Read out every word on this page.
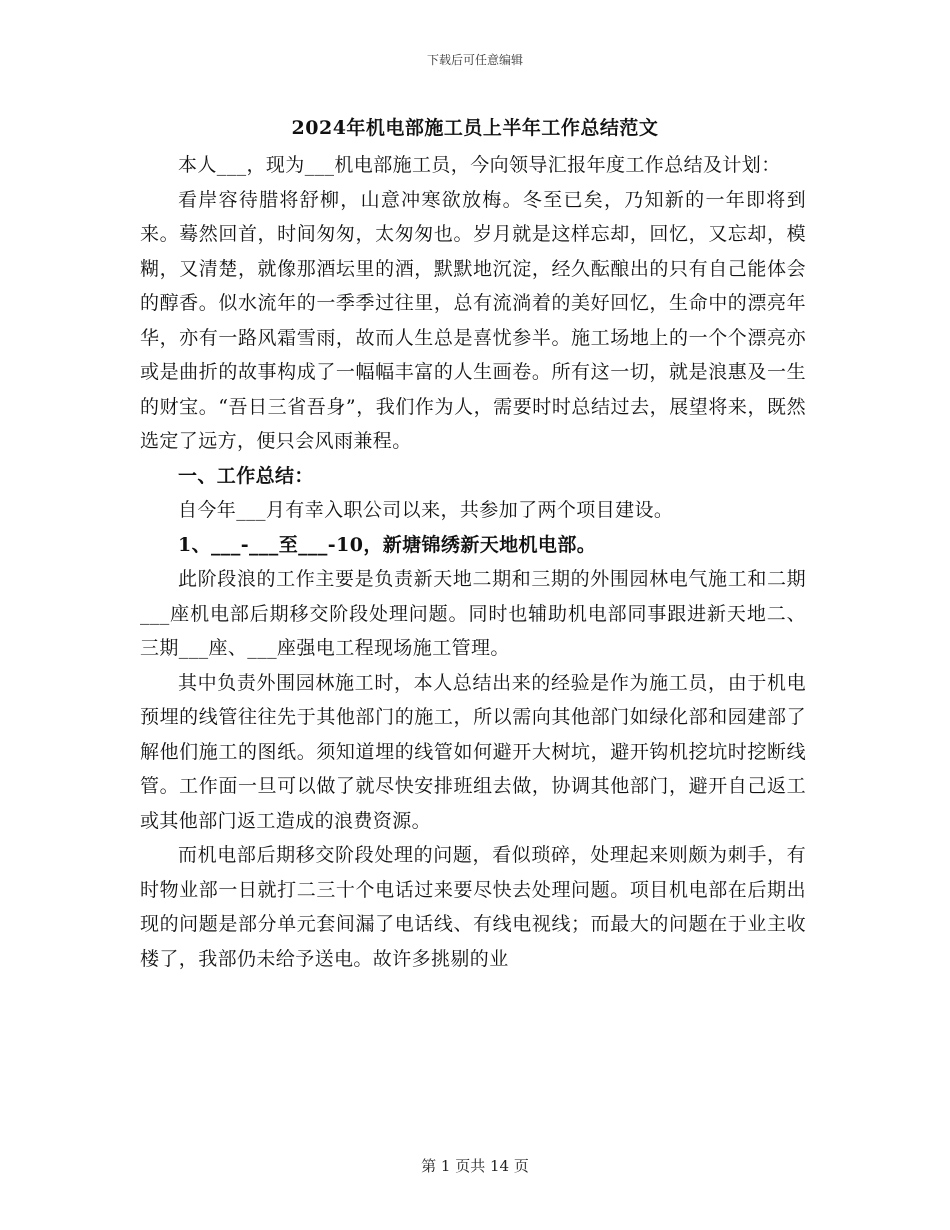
下载后可任意编辑
2024年机电部施工员上半年工作总结范文

本人___，现为___机电部施工员，今向领导汇报年度工作总结及计划：

看岸容待腊将舒柳，山意冲寒欲放梅。冬至已矣，乃知新的一年即将到来。蓦然回首，时间匆匆，太匆匆也。岁月就是这样忘却，回忆，又忘却，模糊，又清楚，就像那酒坛里的酒，默默地沉淀，经久酝酿出的只有自己能体会的醇香。似水流年的一季季过往里，总有流淌着的美好回忆，生命中的漂亮年华，亦有一路风霜雪雨，故而人生总是喜忧参半。施工场地上的一个个漂亮亦或是曲折的故事构成了一幅幅丰富的人生画卷。所有这一切，就是浪惠及一生的财宝。“吾日三省吾身”，我们作为人，需要时时总结过去，展望将来，既然选定了远方，便只会风雨兼程。

一、工作总结：

自今年___月有幸入职公司以来，共参加了两个项目建设。

1、___-___至___-10，新塘锦绣新天地机电部。

此阶段浪的工作主要是负责新天地二期和三期的外围园林电气施工和二期___座机电部后期移交阶段处理问题。同时也辅助机电部同事跟进新天地二、三期___座、___座强电工程现场施工管理。

其中负责外围园林施工时，本人总结出来的经验是作为施工员，由于机电预埋的线管往往先于其他部门的施工，所以需向其他部门如绿化部和园建部了解他们施工的图纸。须知道埋的线管如何避开大树坑，避开钩机挖坑时挖断线管。工作面一旦可以做了就尽快安排班组去做，协调其他部门，避开自己返工或其他部门返工造成的浪费资源。

而机电部后期移交阶段处理的问题，看似琐碎，处理起来则颇为刺手，有时物业部一日就打二三十个电话过来要尽快去处理问题。项目机电部在后期出现的问题是部分单元套间漏了电话线、有线电视线；而最大的问题在于业主收楼了，我部仍未给予送电。故许多挑剔的业

第 1 页共 14 页
